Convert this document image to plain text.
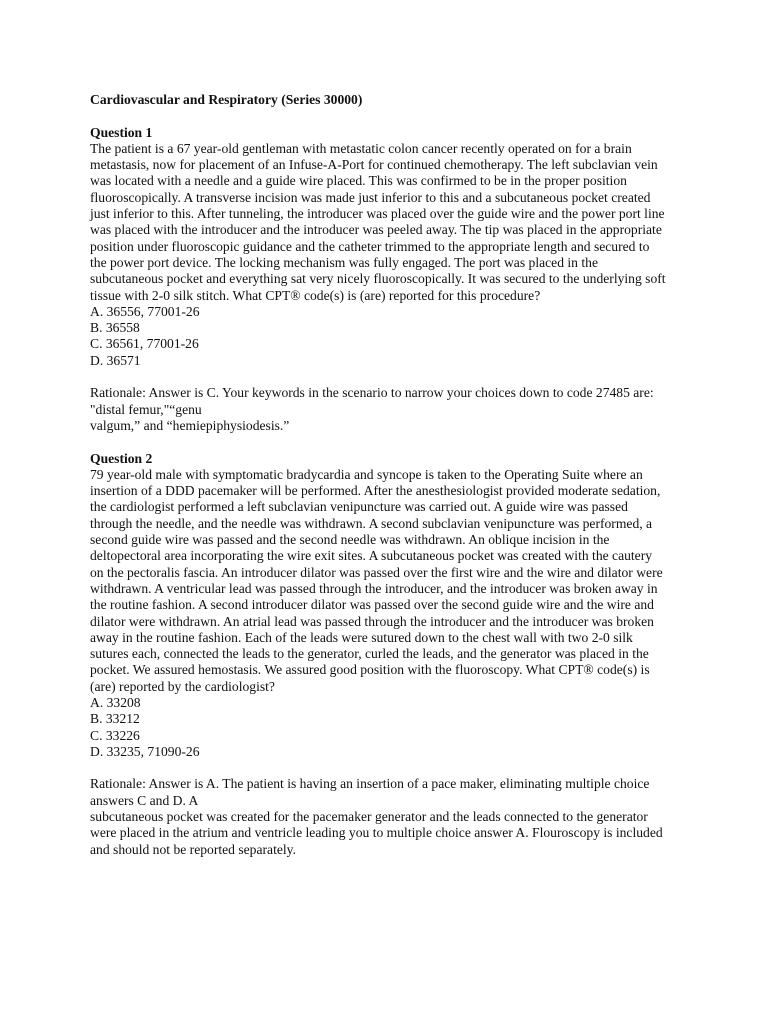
Cardiovascular and Respiratory (Series 30000)
Question 1
The patient is a 67 year-old gentleman with metastatic colon cancer recently operated on for a brain
metastasis, now for placement of an Infuse-A-Port for continued chemotherapy. The left subclavian vein
was located with a needle and a guide wire placed. This was confirmed to be in the proper position
fluoroscopically. A transverse incision was made just inferior to this and a subcutaneous pocket created
just inferior to this. After tunneling, the introducer was placed over the guide wire and the power port line
was placed with the introducer and the introducer was peeled away. The tip was placed in the appropriate
position under fluoroscopic guidance and the catheter trimmed to the appropriate length and secured to
the power port device. The locking mechanism was fully engaged. The port was placed in the
subcutaneous pocket and everything sat very nicely fluoroscopically. It was secured to the underlying soft
tissue with 2-0 silk stitch. What CPT® code(s) is (are) reported for this procedure?
A. 36556, 77001-26
B. 36558
C. 36561, 77001-26
D. 36571
Rationale: Answer is C. Your keywords in the scenario to narrow your choices down to code 27485 are:
"distal femur,"“genu
valgum,” and “hemiepiphysiodesis.”
Question 2
79 year-old male with symptomatic bradycardia and syncope is taken to the Operating Suite where an
insertion of a DDD pacemaker will be performed. After the anesthesiologist provided moderate sedation,
the cardiologist performed a left subclavian venipuncture was carried out. A guide wire was passed
through the needle, and the needle was withdrawn. A second subclavian venipuncture was performed, a
second guide wire was passed and the second needle was withdrawn. An oblique incision in the
deltopectoral area incorporating the wire exit sites. A subcutaneous pocket was created with the cautery
on the pectoralis fascia. An introducer dilator was passed over the first wire and the wire and dilator were
withdrawn. A ventricular lead was passed through the introducer, and the introducer was broken away in
the routine fashion. A second introducer dilator was passed over the second guide wire and the wire and
dilator were withdrawn. An atrial lead was passed through the introducer and the introducer was broken
away in the routine fashion. Each of the leads were sutured down to the chest wall with two 2-0 silk
sutures each, connected the leads to the generator, curled the leads, and the generator was placed in the
pocket. We assured hemostasis. We assured good position with the fluoroscopy. What CPT® code(s) is
(are) reported by the cardiologist?
A. 33208
B. 33212
C. 33226
D. 33235, 71090-26
Rationale: Answer is A. The patient is having an insertion of a pace maker, eliminating multiple choice
answers C and D. A
subcutaneous pocket was created for the pacemaker generator and the leads connected to the generator
were placed in the atrium and ventricle leading you to multiple choice answer A. Flouroscopy is included
and should not be reported separately.
